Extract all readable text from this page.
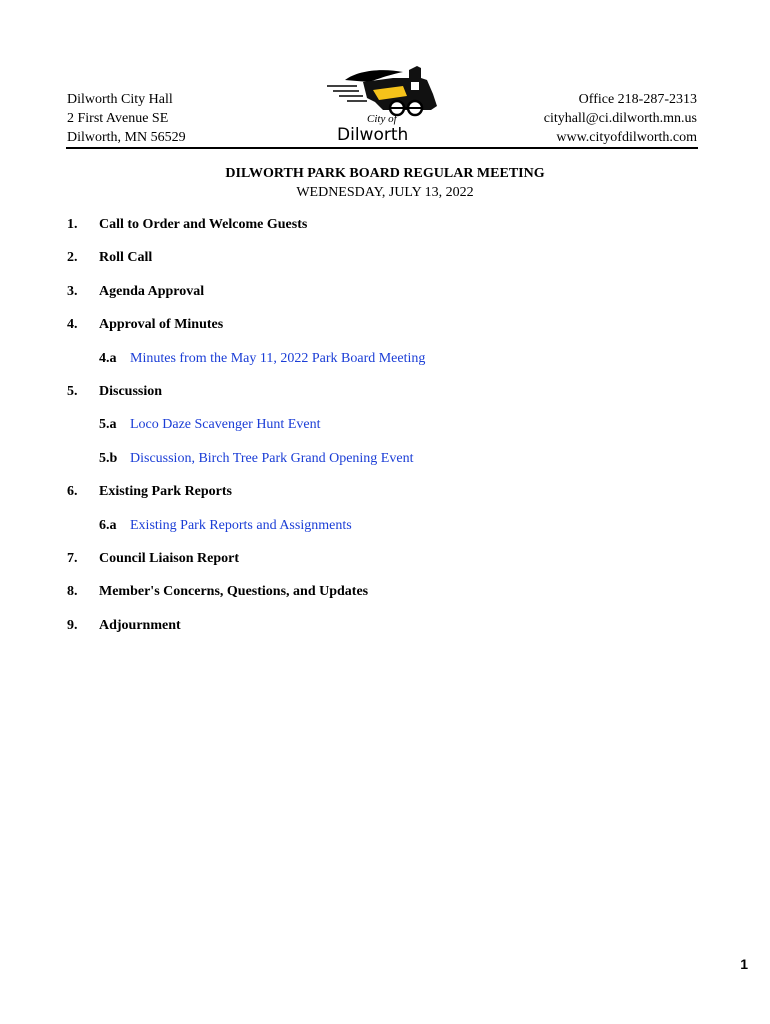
Dilworth City Hall
2 First Avenue SE
Dilworth, MN 56529
City of
Dilworth
Office 218-287-2313
cityhall@ci.dilworth.mn.us
www.cityofdilworth.com
DILWORTH PARK BOARD REGULAR MEETING
WEDNESDAY, JULY 13, 2022
1. Call to Order and Welcome Guests
2. Roll Call
3. Agenda Approval
4. Approval of Minutes
4.a Minutes from the May 11, 2022 Park Board Meeting
5. Discussion
5.a Loco Daze Scavenger Hunt Event
5.b Discussion, Birch Tree Park Grand Opening Event
6. Existing Park Reports
6.a Existing Park Reports and Assignments
7. Council Liaison Report
8. Member's Concerns, Questions, and Updates
9. Adjournment
1
